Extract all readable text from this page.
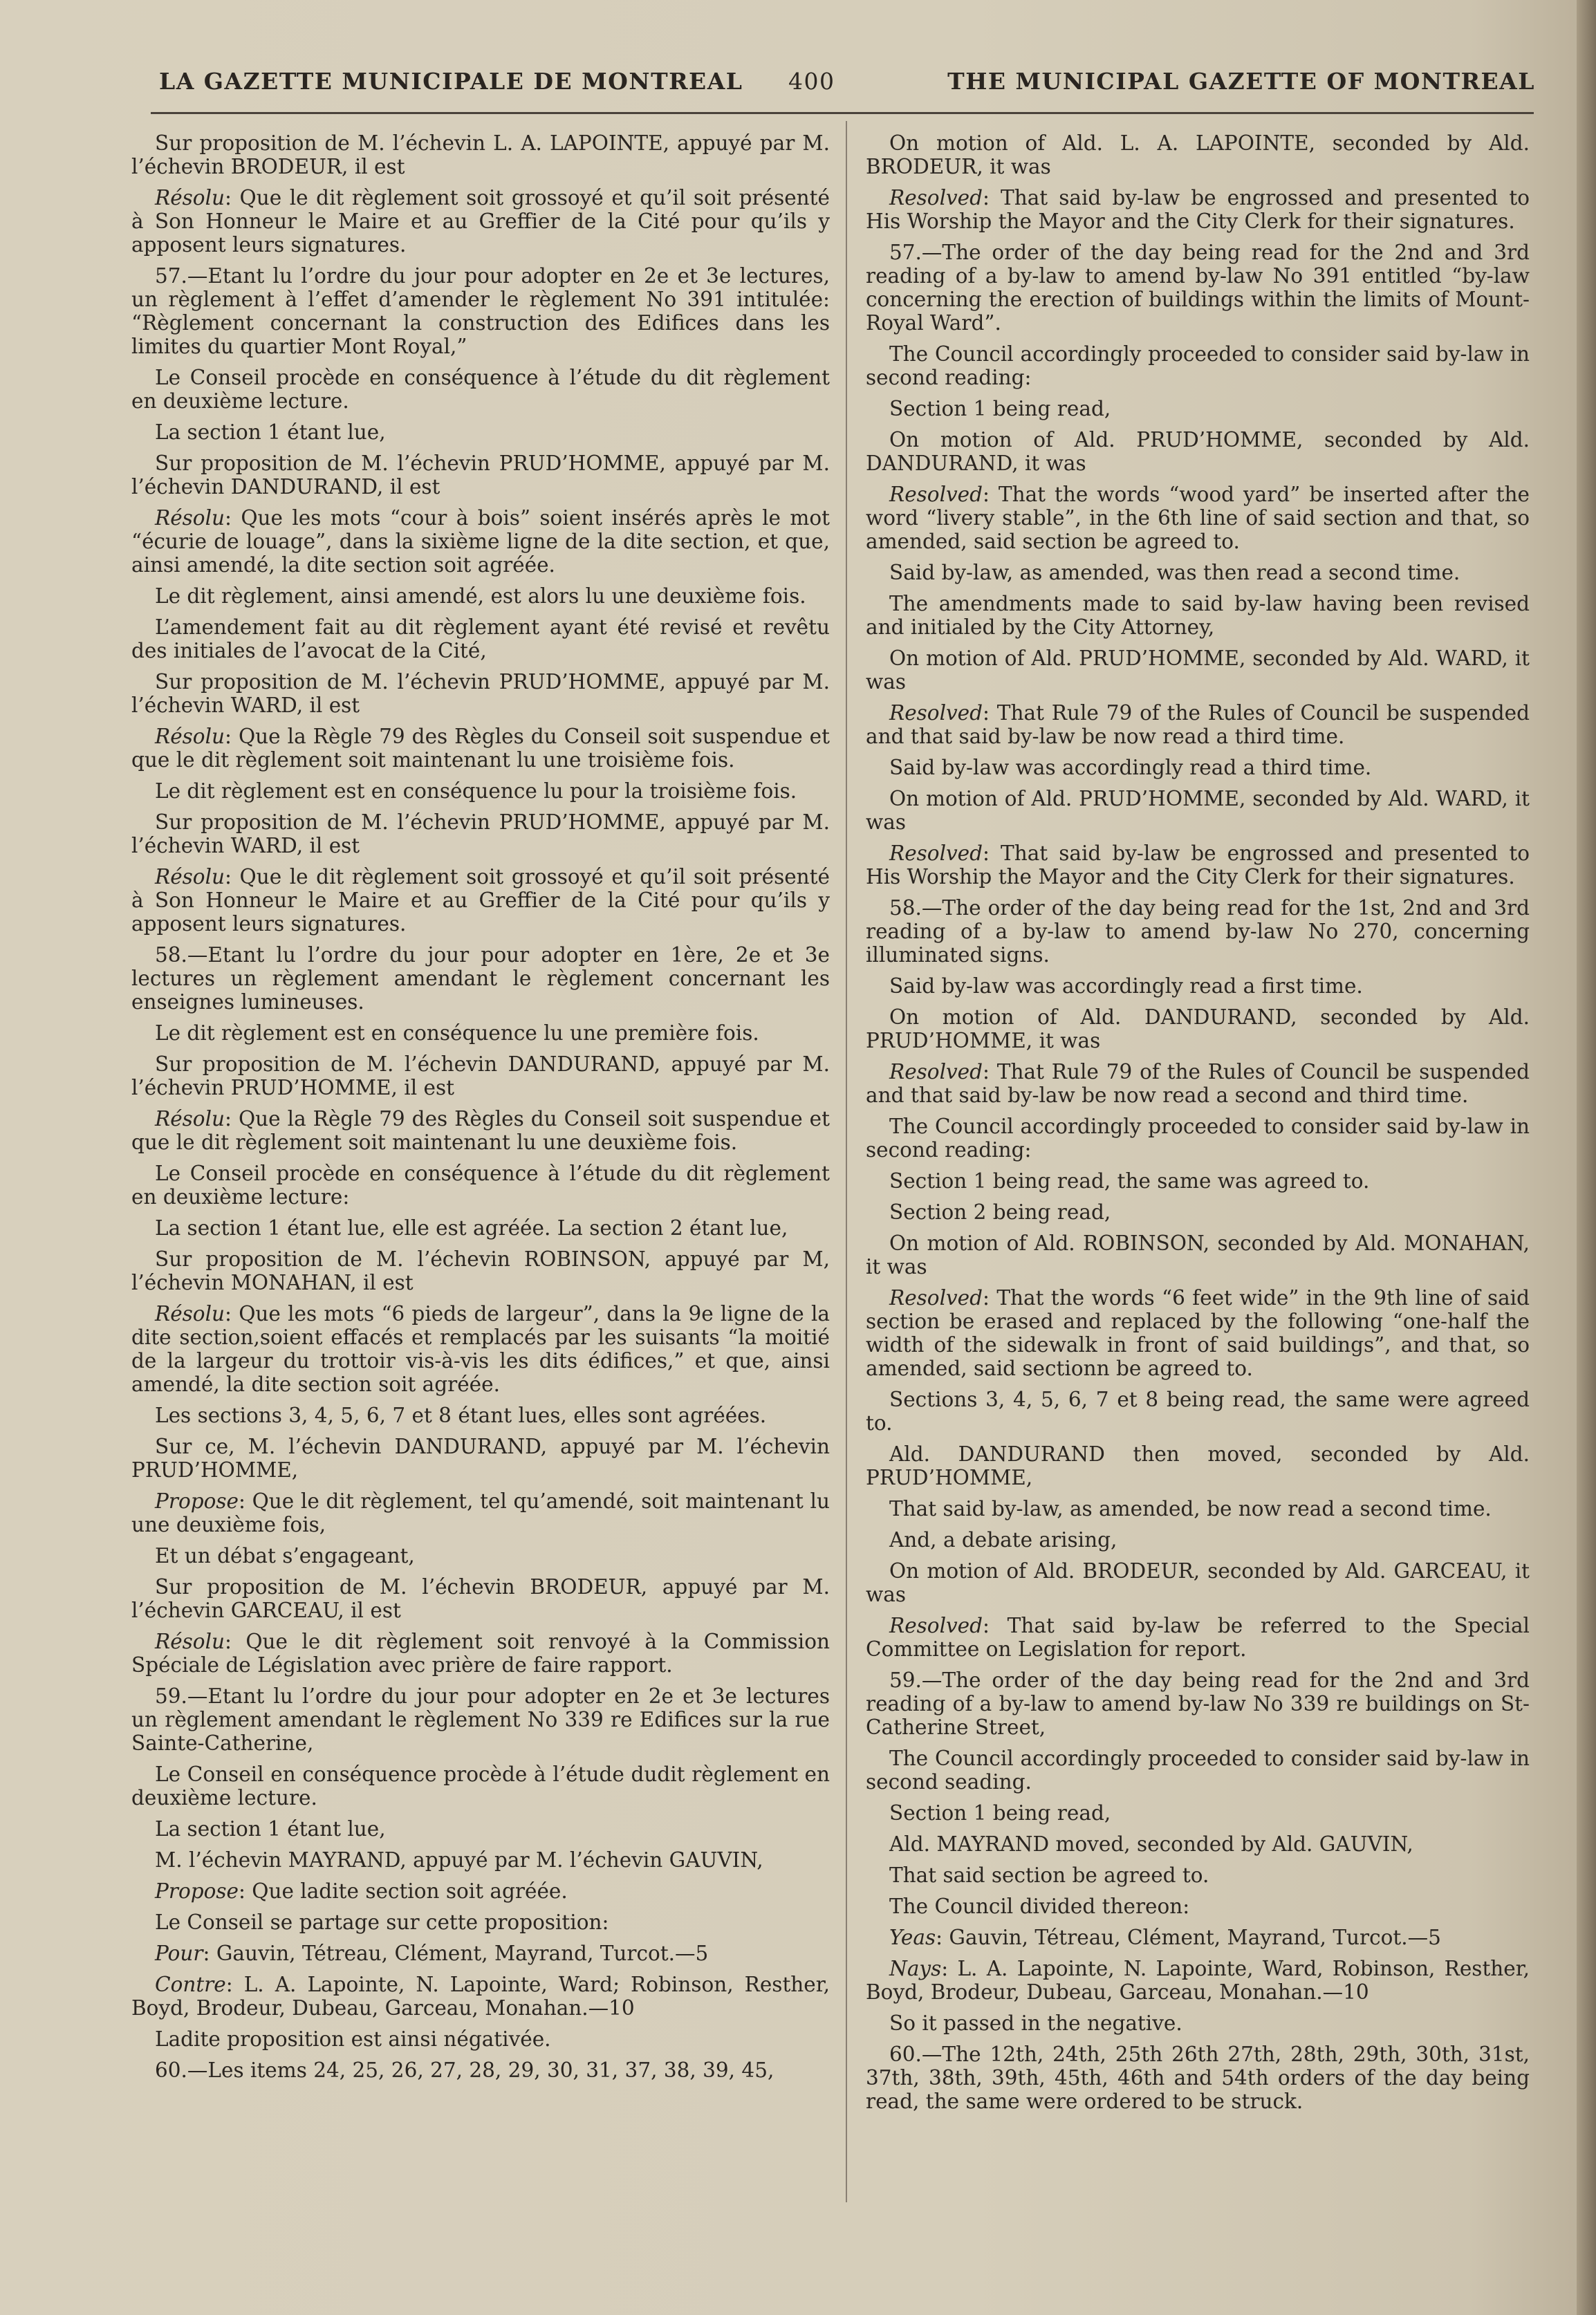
LA GAZETTE MUNICIPALE DE MONTREAL 400	THE MUNICIPAL GAZETTE OF MONTREAL

Sur proposition de M. l’échevin L. A. LAPOINTE, appuyé par M. l’échevin BRODEUR, il est

Résolu: Que le dit règlement soit grossoyé et qu’il soit présenté à Son Honneur le Maire et au Greffier de la Cité pour qu’ils y apposent leurs signatures.

57.—Etant lu l’ordre du jour pour adopter en 2e et 3e lectures, un règlement à l’effet d’amender le règlement No 391 intitulée: “Règlement concernant la construction des Edifices dans les limites du quartier Mont Royal,”

Le Conseil procède en conséquence à l’étude du dit règlement en deuxième lecture.

La section 1 étant lue,

Sur proposition de M. l’échevin PRUD’HOMME, appuyé par M. l’échevin DANDURAND, il est

Résolu: Que les mots “cour à bois” soient insérés après le mot “écurie de louage”, dans la sixième ligne de la dite section, et que, ainsi amendé, la dite section soit agréée.

Le dit règlement, ainsi amendé, est alors lu une deuxième fois.

L’amendement fait au dit règlement ayant été revisé et revêtu des initiales de l’avocat de la Cité,

Sur proposition de M. l’échevin PRUD’HOMME, appuyé par M. l’échevin WARD, il est

Résolu: Que la Règle 79 des Règles du Conseil soit suspendue et que le dit règlement soit maintenant lu une troisième fois.

Le dit règlement est en conséquence lu pour la troisième fois.

Sur proposition de M. l’échevin PRUD’HOMME, appuyé par M. l’échevin WARD, il est

Résolu: Que le dit règlement soit grossoyé et qu’il soit présenté à Son Honneur le Maire et au Greffier de la Cité pour qu’ils y apposent leurs signatures.

58.—Etant lu l’ordre du jour pour adopter en 1ère, 2e et 3e lectures un règlement amendant le règlement concernant les enseignes lumineuses.

Le dit règlement est en conséquence lu une première fois.

Sur proposition de M. l’échevin DANDURAND, appuyé par M. l’échevin PRUD’HOMME, il est

Résolu: Que la Règle 79 des Règles du Conseil soit suspendue et que le dit règlement soit maintenant lu une deuxième fois.

Le Conseil procède en conséquence à l’étude du dit règlement en deuxième lecture:

La section 1 étant lue, elle est agréée. La section 2 étant lue,

Sur proposition de M. l’échevin ROBINSON, appuyé par M, l’échevin MONAHAN, il est

Résolu: Que les mots “6 pieds de largeur”, dans la 9e ligne de la dite section,soient effacés et remplacés par les suisants “la moitié de la largeur du trottoir vis-à-vis les dits édifices,” et que, ainsi amendé, la dite section soit agréée.

Les sections 3, 4, 5, 6, 7 et 8 étant lues, elles sont agréées.

Sur ce, M. l’échevin DANDURAND, appuyé par M. l’échevin PRUD’HOMME,

Propose: Que le dit règlement, tel qu’amendé, soit maintenant lu une deuxième fois,

Et un débat s’engageant,

Sur proposition de M. l’échevin BRODEUR, appuyé par M. l’échevin GARCEAU, il est

Résolu: Que le dit règlement soit renvoyé à la Commission Spéciale de Législation avec prière de faire rapport.

59.—Etant lu l’ordre du jour pour adopter en 2e et 3e lectures un règlement amendant le règlement No 339 re Edifices sur la rue Sainte-Catherine,

Le Conseil en conséquence procède à l’étude dudit règlement en deuxième lecture.

La section 1 étant lue,

M. l’échevin MAYRAND, appuyé par M. l’échevin GAUVIN,

Propose: Que ladite section soit agréée.

Le Conseil se partage sur cette proposition:

Pour: Gauvin, Tétreau, Clément, Mayrand, Turcot.—5

Contre: L. A. Lapointe, N. Lapointe, Ward; Robinson, Resther, Boyd, Brodeur, Dubeau, Garceau, Monahan.—10

Ladite proposition est ainsi négativée.

60.—Les items 24, 25, 26, 27, 28, 29, 30, 31, 37, 38, 39, 45,

On motion of Ald. L. A. LAPOINTE, seconded by Ald. BRODEUR, it was

Resolved: That said by-law be engrossed and presented to His Worship the Mayor and the City Clerk for their signatures.

57.—The order of the day being read for the 2nd and 3rd reading of a by-law to amend by-law No 391 entitled “by-law concerning the erection of buildings within the limits of Mount-Royal Ward”.

The Council accordingly proceeded to consider said by-law in second reading:

Section 1 being read,

On motion of Ald. PRUD’HOMME, seconded by Ald. DANDURAND, it was

Resolved: That the words “wood yard” be inserted after the word “livery stable”, in the 6th line of said section and that, so amended, said section be agreed to.

Said by-law, as amended, was then read a second time.

The amendments made to said by-law having been revised and initialed by the City Attorney,

On motion of Ald. PRUD’HOMME, seconded by Ald. WARD, it was

Resolved: That Rule 79 of the Rules of Council be suspended and that said by-law be now read a third time.

Said by-law was accordingly read a third time.

On motion of Ald. PRUD’HOMME, seconded by Ald. WARD, it was

Resolved: That said by-law be engrossed and presented to His Worship the Mayor and the City Clerk for their signatures.

58.—The order of the day being read for the 1st, 2nd and 3rd reading of a by-law to amend by-law No 270, concerning illuminated signs.

Said by-law was accordingly read a first time.

On motion of Ald. DANDURAND, seconded by Ald. PRUD’HOMME, it was

Resolved: That Rule 79 of the Rules of Council be suspended and that said by-law be now read a second and third time.

The Council accordingly proceeded to consider said by-law in second reading:

Section 1 being read, the same was agreed to.

Section 2 being read,

On motion of Ald. ROBINSON, seconded by Ald. MONAHAN, it was

Resolved: That the words “6 feet wide” in the 9th line of said section be erased and replaced by the following “one-half the width of the sidewalk in front of said buildings”, and that, so amended, said sectionn be agreed to.

Sections 3, 4, 5, 6, 7 et 8 being read, the same were agreed to.

Ald. DANDURAND then moved, seconded by Ald. PRUD’HOMME,

That said by-law, as amended, be now read a second time.

And, a debate arising,

On motion of Ald. BRODEUR, seconded by Ald. GARCEAU, it was

Resolved: That said by-law be referred to the Special Committee on Legislation for report.

59.—The order of the day being read for the 2nd and 3rd reading of a by-law to amend by-law No 339 re buildings on St-Catherine Street,

The Council accordingly proceeded to consider said by-law in second seading.

Section 1 being read,

Ald. MAYRAND moved, seconded by Ald. GAUVIN,

That said section be agreed to.

The Council divided thereon:

Yeas: Gauvin, Tétreau, Clément, Mayrand, Turcot.—5

Nays: L. A. Lapointe, N. Lapointe, Ward, Robinson, Resther, Boyd, Brodeur, Dubeau, Garceau, Monahan.—10

So it passed in the negative.

60.—The 12th, 24th, 25th 26th 27th, 28th, 29th, 30th, 31st, 37th, 38th, 39th, 45th, 46th and 54th orders of the day being read, the same were ordered to be struck.
